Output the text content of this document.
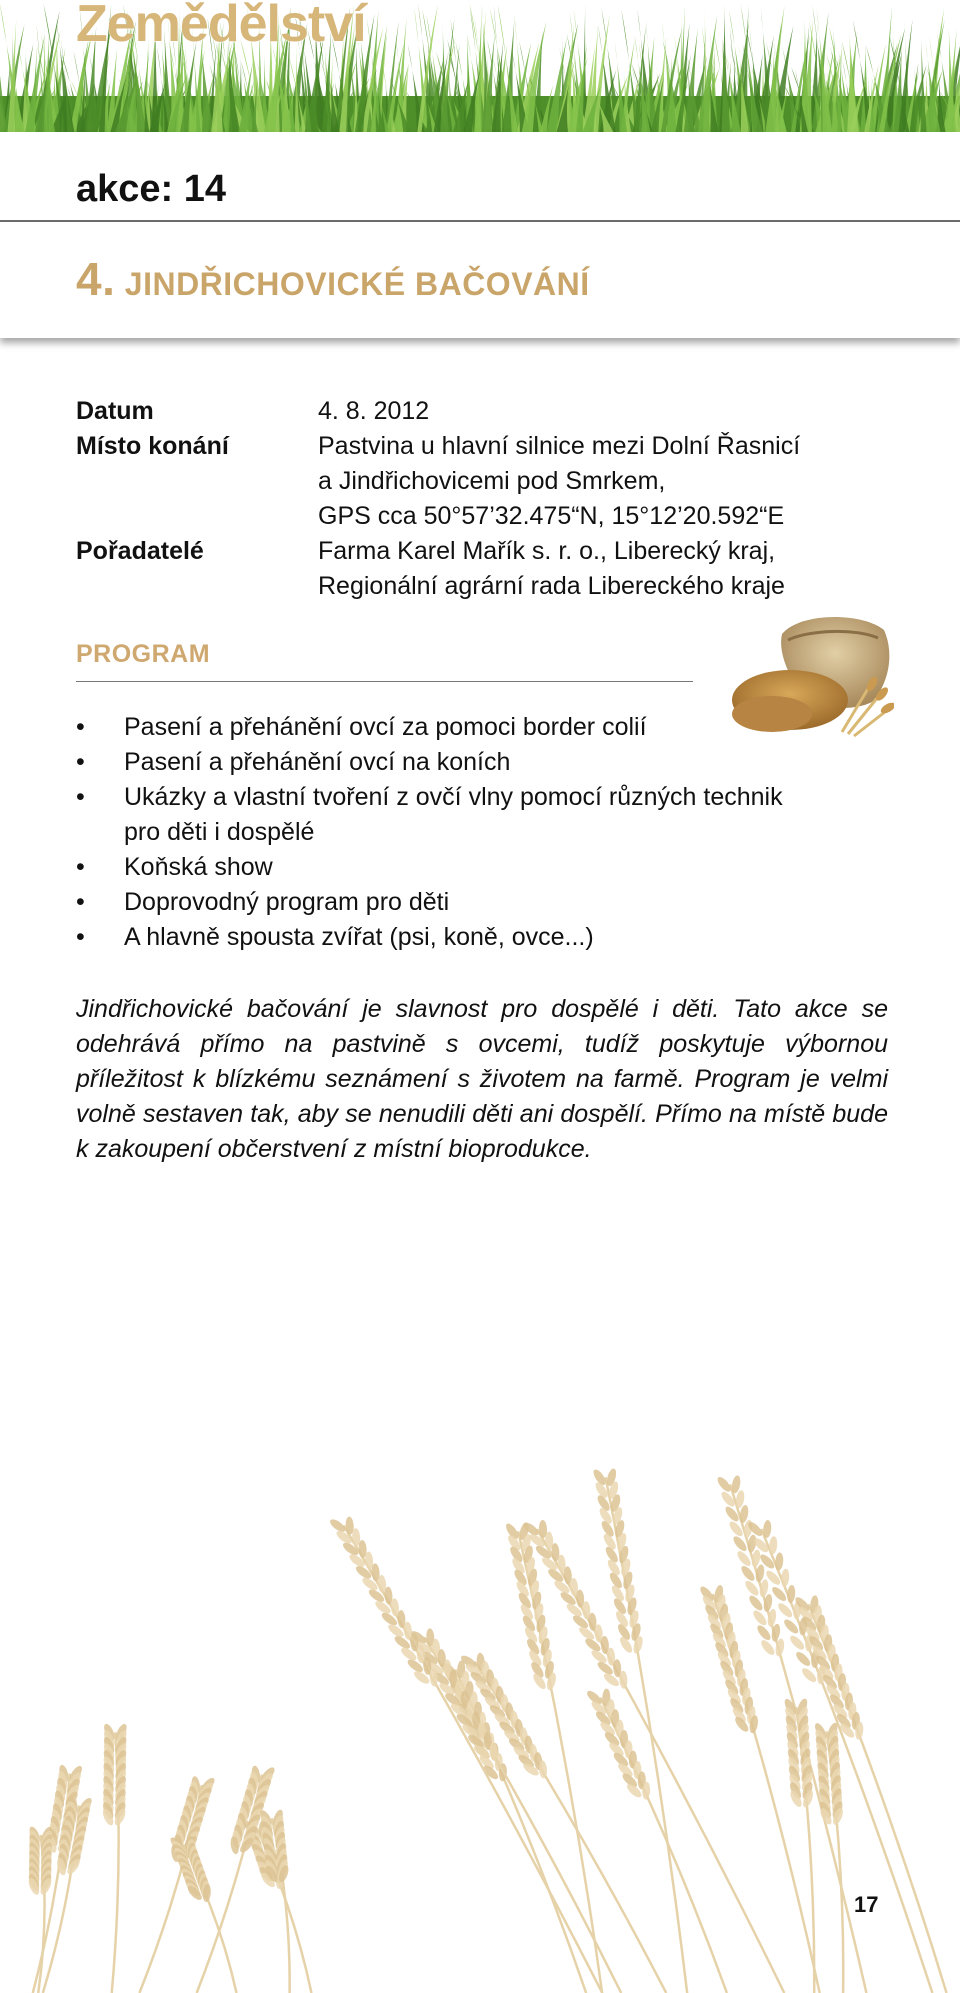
Zemědělství
akce: 14
4. JINDŘICHOVICKÉ BAČOVÁNÍ
Datum	4. 8. 2012
Místo konání	Pastvina u hlavní silnice mezi Dolní Řasnicí
a Jindřichovicemi pod Smrkem,
GPS cca 50°57’32.475“N, 15°12’20.592“E
Pořadatelé	Farma Karel Mařík s. r. o., Liberecký kraj,
Regionální agrární rada Libereckého kraje
PROGRAM
• Pasení a přehánění ovcí za pomoci border colií
• Pasení a přehánění ovcí na koních
• Ukázky a vlastní tvoření z ovčí vlny pomocí různých technik
pro děti i dospělé
• Koňská show
• Doprovodný program pro děti
• A hlavně spousta zvířat (psi, koně, ovce...)

Jindřichovické bačování je slavnost pro dospělé i děti. Tato akce se odehrává přímo na pastvině s ovcemi, tudíž poskytuje výbornou příležitost k blízkému seznámení s životem na farmě. Program je velmi volně sestaven tak, aby se nenudili děti ani dospělí. Přímo na místě bude k zakoupení občerstvení z místní bioprodukce.

17
